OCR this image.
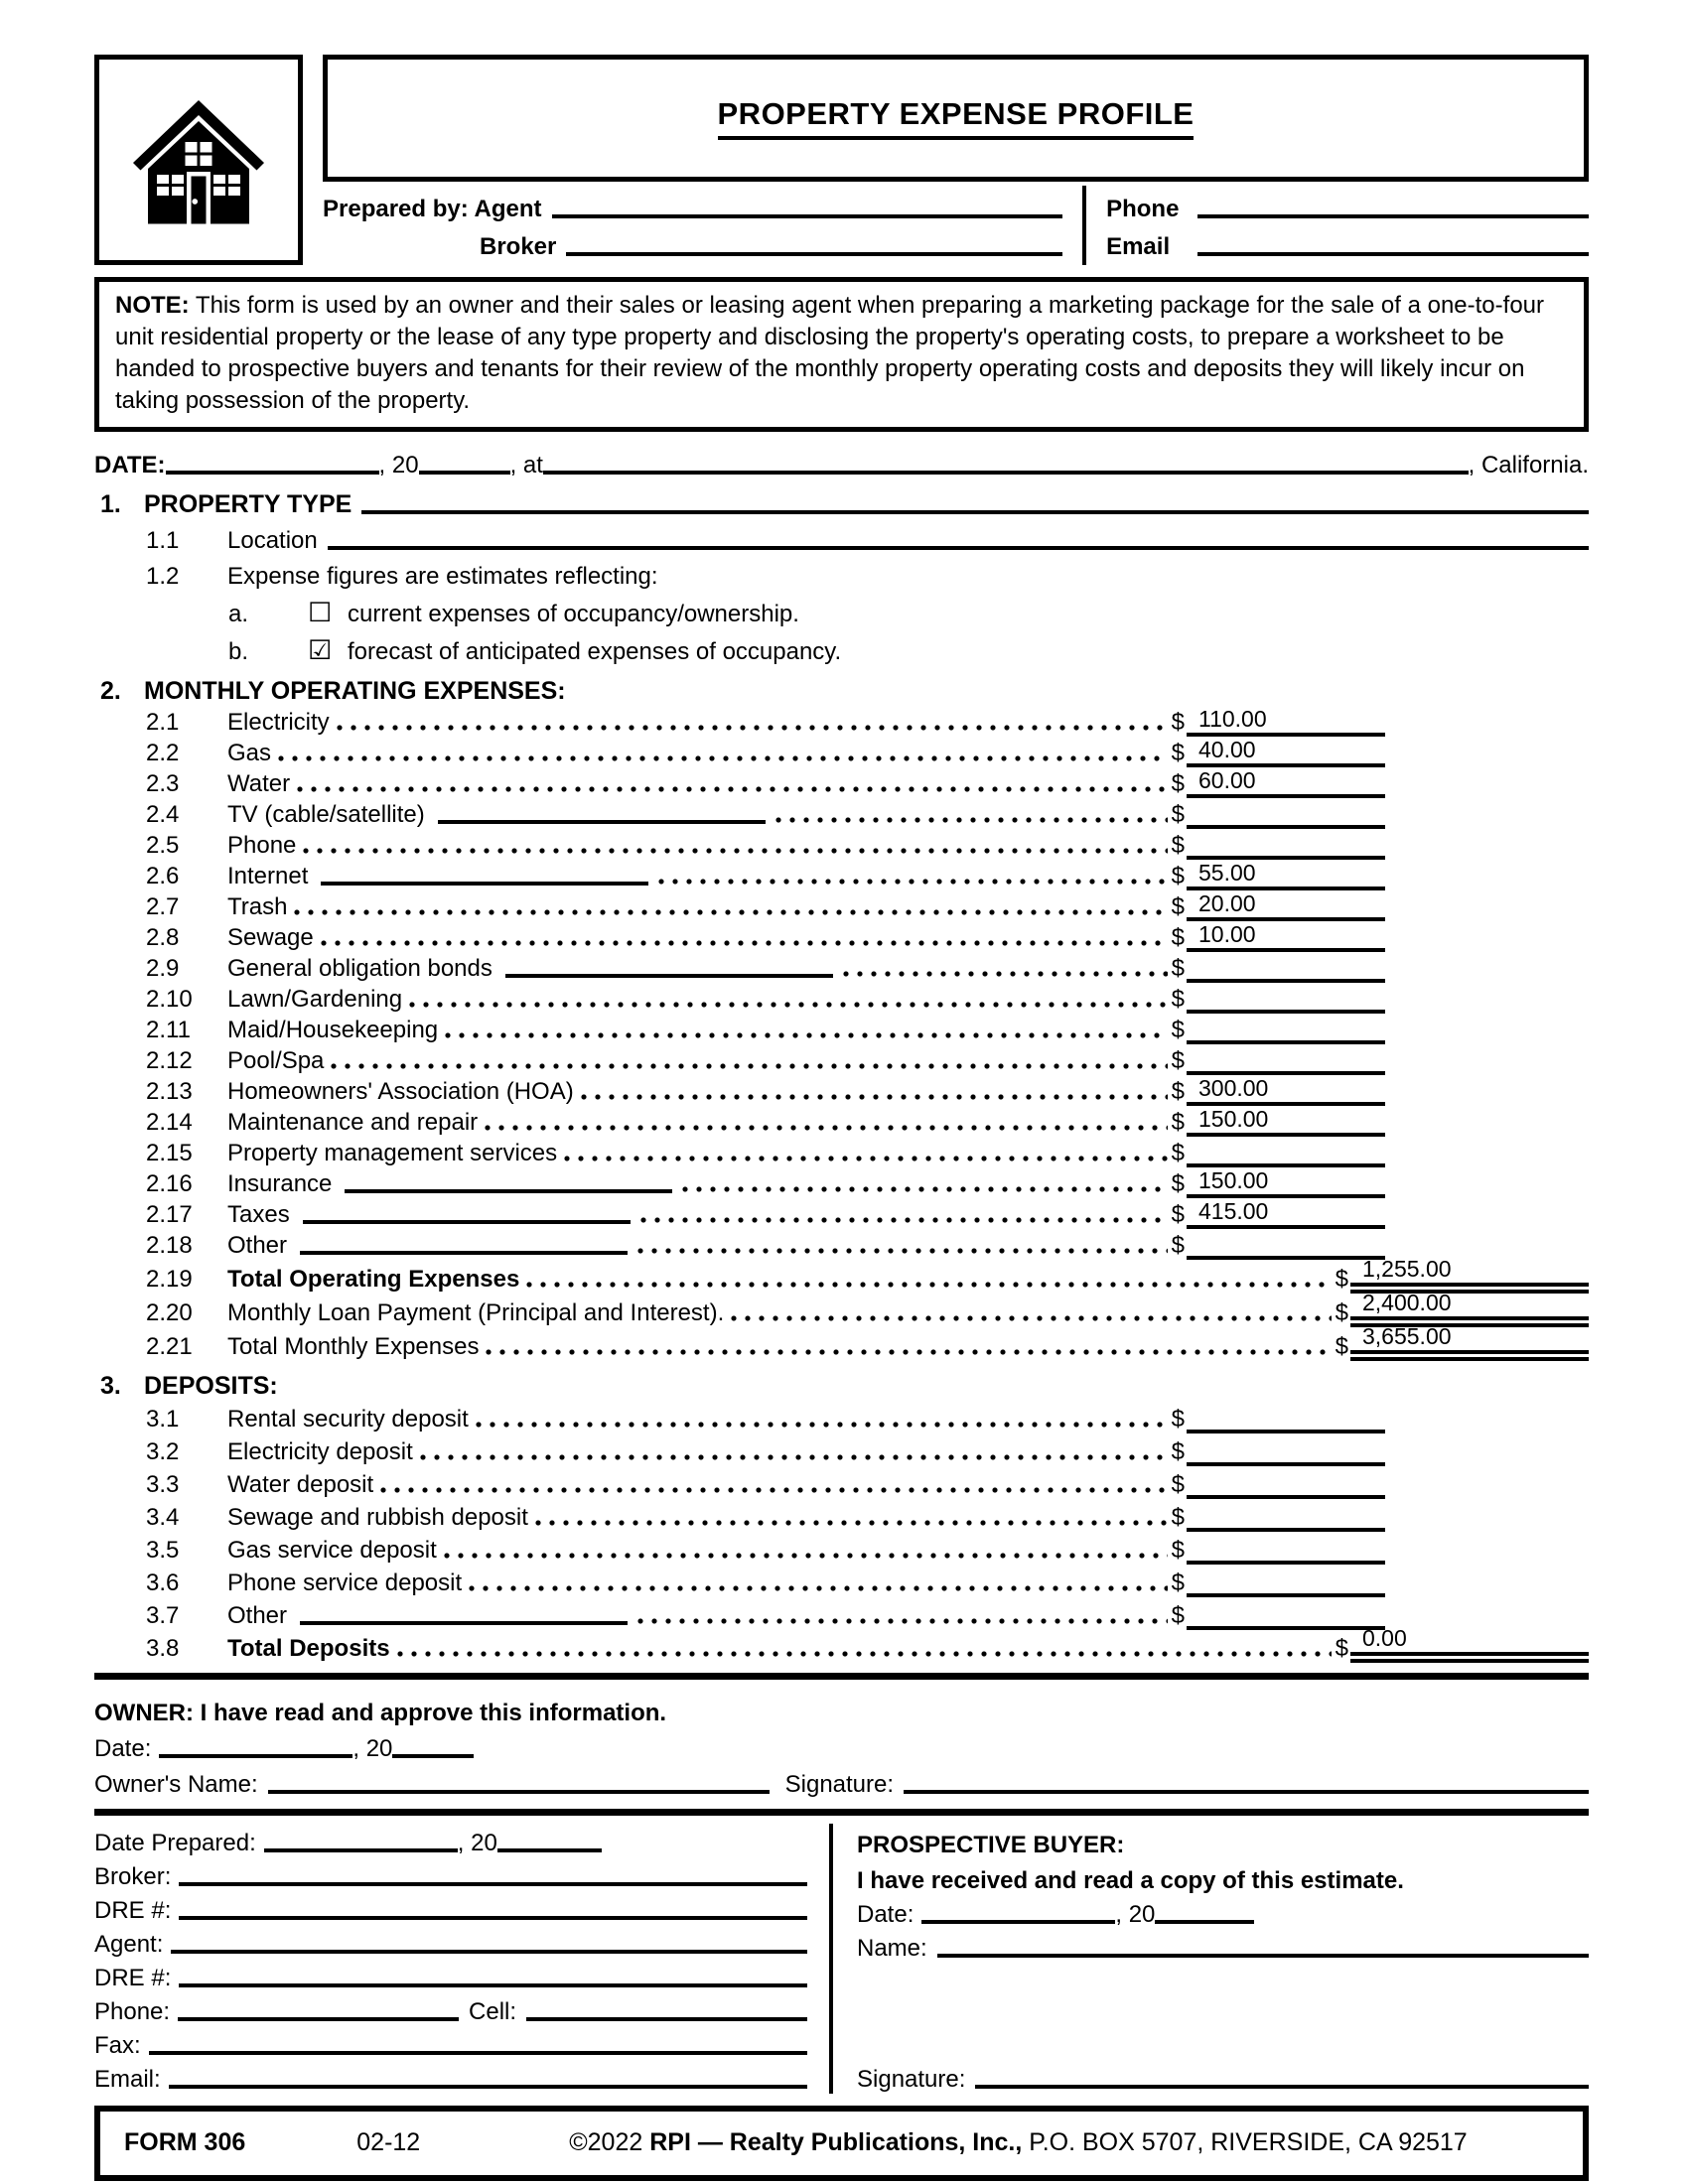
PROPERTY EXPENSE PROFILE
Prepared by: Agent
Broker
Phone
Email
NOTE: This form is used by an owner and their sales or leasing agent when preparing a marketing package for the sale of a one-to-four unit residential property or the lease of any type property and disclosing the property's operating costs, to prepare a worksheet to be handed to prospective buyers and tenants for their review of the monthly property operating costs and deposits they will likely incur on taking possession of the property.
DATE:	, 20	, at	, California.
1. PROPERTY TYPE
1.1	Location
1.2	Expense figures are estimates reflecting:
a.	☐ current expenses of occupancy/ownership.
b.	☑ forecast of anticipated expenses of occupancy.
2. MONTHLY OPERATING EXPENSES:
2.1	Electricity	$ 110.00
2.2	Gas	$ 40.00
2.3	Water	$ 60.00
2.4	TV (cable/satellite)	$
2.5	Phone	$
2.6	Internet	$ 55.00
2.7	Trash	$ 20.00
2.8	Sewage	$ 10.00
2.9	General obligation bonds	$
2.10	Lawn/Gardening	$
2.11	Maid/Housekeeping	$
2.12	Pool/Spa	$
2.13	Homeowners' Association (HOA)	$ 300.00
2.14	Maintenance and repair	$ 150.00
2.15	Property management services	$
2.16	Insurance	$ 150.00
2.17	Taxes	$ 415.00
2.18	Other	$
2.19	Total Operating Expenses	$ 1,255.00
2.20	Monthly Loan Payment (Principal and Interest).	$ 2,400.00
2.21	Total Monthly Expenses	$ 3,655.00
3. DEPOSITS:
3.1	Rental security deposit	$
3.2	Electricity deposit	$
3.3	Water deposit	$
3.4	Sewage and rubbish deposit	$
3.5	Gas service deposit	$
3.6	Phone service deposit	$
3.7	Other	$
3.8	Total Deposits	$ 0.00
OWNER: I have read and approve this information.
Date:	, 20
Owner's Name:	Signature:
Date Prepared:	, 20
Broker:
DRE #:
Agent:
DRE #:
Phone:	Cell:
Fax:
Email:
PROSPECTIVE BUYER:
I have received and read a copy of this estimate.
Date:	, 20
Name:
Signature:
FORM 306	02-12	©2022 RPI — Realty Publications, Inc., P.O. BOX 5707, RIVERSIDE, CA 92517
